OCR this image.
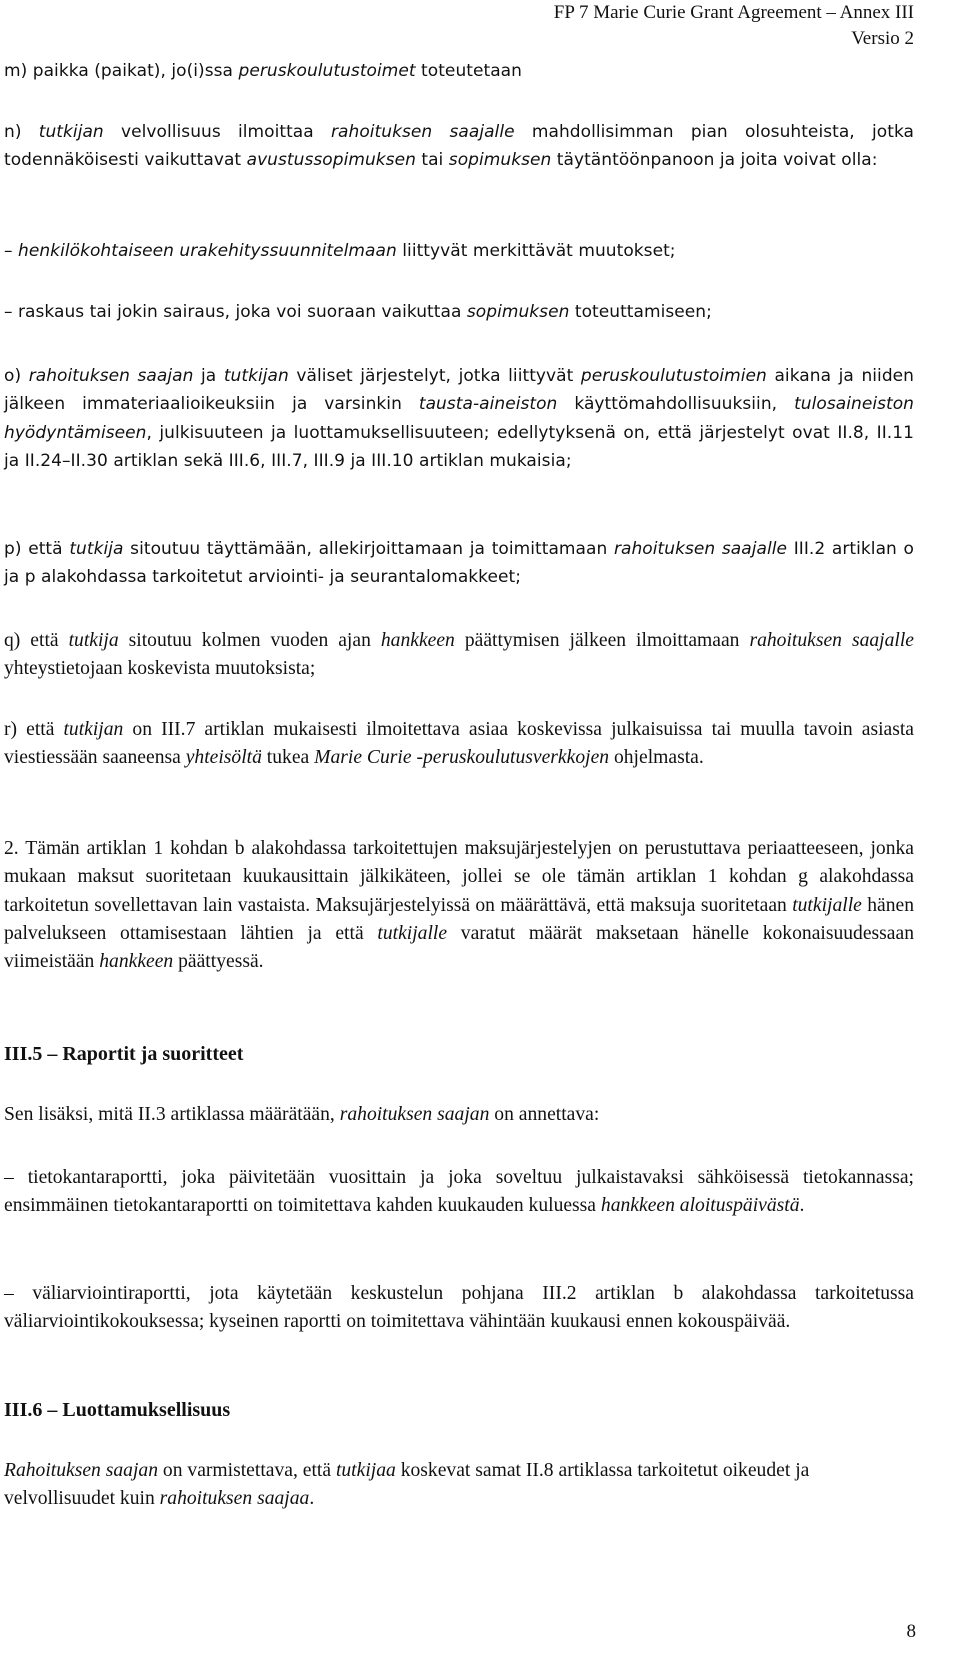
FP 7 Marie Curie Grant Agreement – Annex III
Versio 2
m) paikka (paikat), jo(i)ssa peruskoulutustoimet toteutetaan
n) tutkijan velvollisuus ilmoittaa rahoituksen saajalle mahdollisimman pian olosuhteista, jotka todennäköisesti vaikuttavat avustussopimuksen tai sopimuksen täytäntöönpanoon ja joita voivat olla:
– henkilökohtaiseen urakehityssuunnitelmaan liittyvät merkittävät muutokset;
– raskaus tai jokin sairaus, joka voi suoraan vaikuttaa sopimuksen toteuttamiseen;
o) rahoituksen saajan ja tutkijan väliset järjestelyt, jotka liittyvät peruskoulutustoimien aikana ja niiden jälkeen immateriaalioikeuksiin ja varsinkin tausta-aineiston käyttömahdollisuuksiin, tulosaineiston hyödyntämiseen, julkisuuteen ja luottamuksellisuuteen; edellytyksenä on, että järjestelyt ovat II.8, II.11 ja II.24–II.30 artiklan sekä III.6, III.7, III.9 ja III.10 artiklan mukaisia;
p) että tutkija sitoutuu täyttämään, allekirjoittamaan ja toimittamaan rahoituksen saajalle III.2 artiklan o ja p alakohdassa tarkoitetut arviointi- ja seurantalomakkeet;
q) että tutkija sitoutuu kolmen vuoden ajan hankkeen päättymisen jälkeen ilmoittamaan rahoituksen saajalle yhteystietojaan koskevista muutoksista;
r) että tutkijan on III.7 artiklan mukaisesti ilmoitettava asiaa koskevissa julkaisuissa tai muulla tavoin asiasta viestiessään saaneensa yhteisöltä tukea Marie Curie -peruskoulutusverkkojen ohjelmasta.
2. Tämän artiklan 1 kohdan b alakohdassa tarkoitettujen maksujärjestelyjen on perustuttava periaatteeseen, jonka mukaan maksut suoritetaan kuukausittain jälkikäteen, jollei se ole tämän artiklan 1 kohdan g alakohdassa tarkoitetun sovellettavan lain vastaista. Maksujärjestelyissä on määrättävä, että maksuja suoritetaan tutkijalle hänen palvelukseen ottamisestaan lähtien ja että tutkijalle varatut määrät maksetaan hänelle kokonaisuudessaan viimeistään hankkeen päättyessä.
III.5 – Raportit ja suoritteet
Sen lisäksi, mitä II.3 artiklassa määrätään, rahoituksen saajan on annettava:
– tietokantaraportti, joka päivitetään vuosittain ja joka soveltuu julkaistavaksi sähköisessä tietokannassa; ensimmäinen tietokantaraportti on toimitettava kahden kuukauden kuluessa hankkeen aloituspäivästä.
– väliarviointiraportti, jota käytetään keskustelun pohjana III.2 artiklan b alakohdassa tarkoitetussa väliarviointikokouksessa; kyseinen raportti on toimitettava vähintään kuukausi ennen kokouspäivää.
III.6 – Luottamuksellisuus
Rahoituksen saajan on varmistettava, että tutkijaa koskevat samat II.8 artiklassa tarkoitetut oikeudet ja velvollisuudet kuin rahoituksen saajaa.
8
